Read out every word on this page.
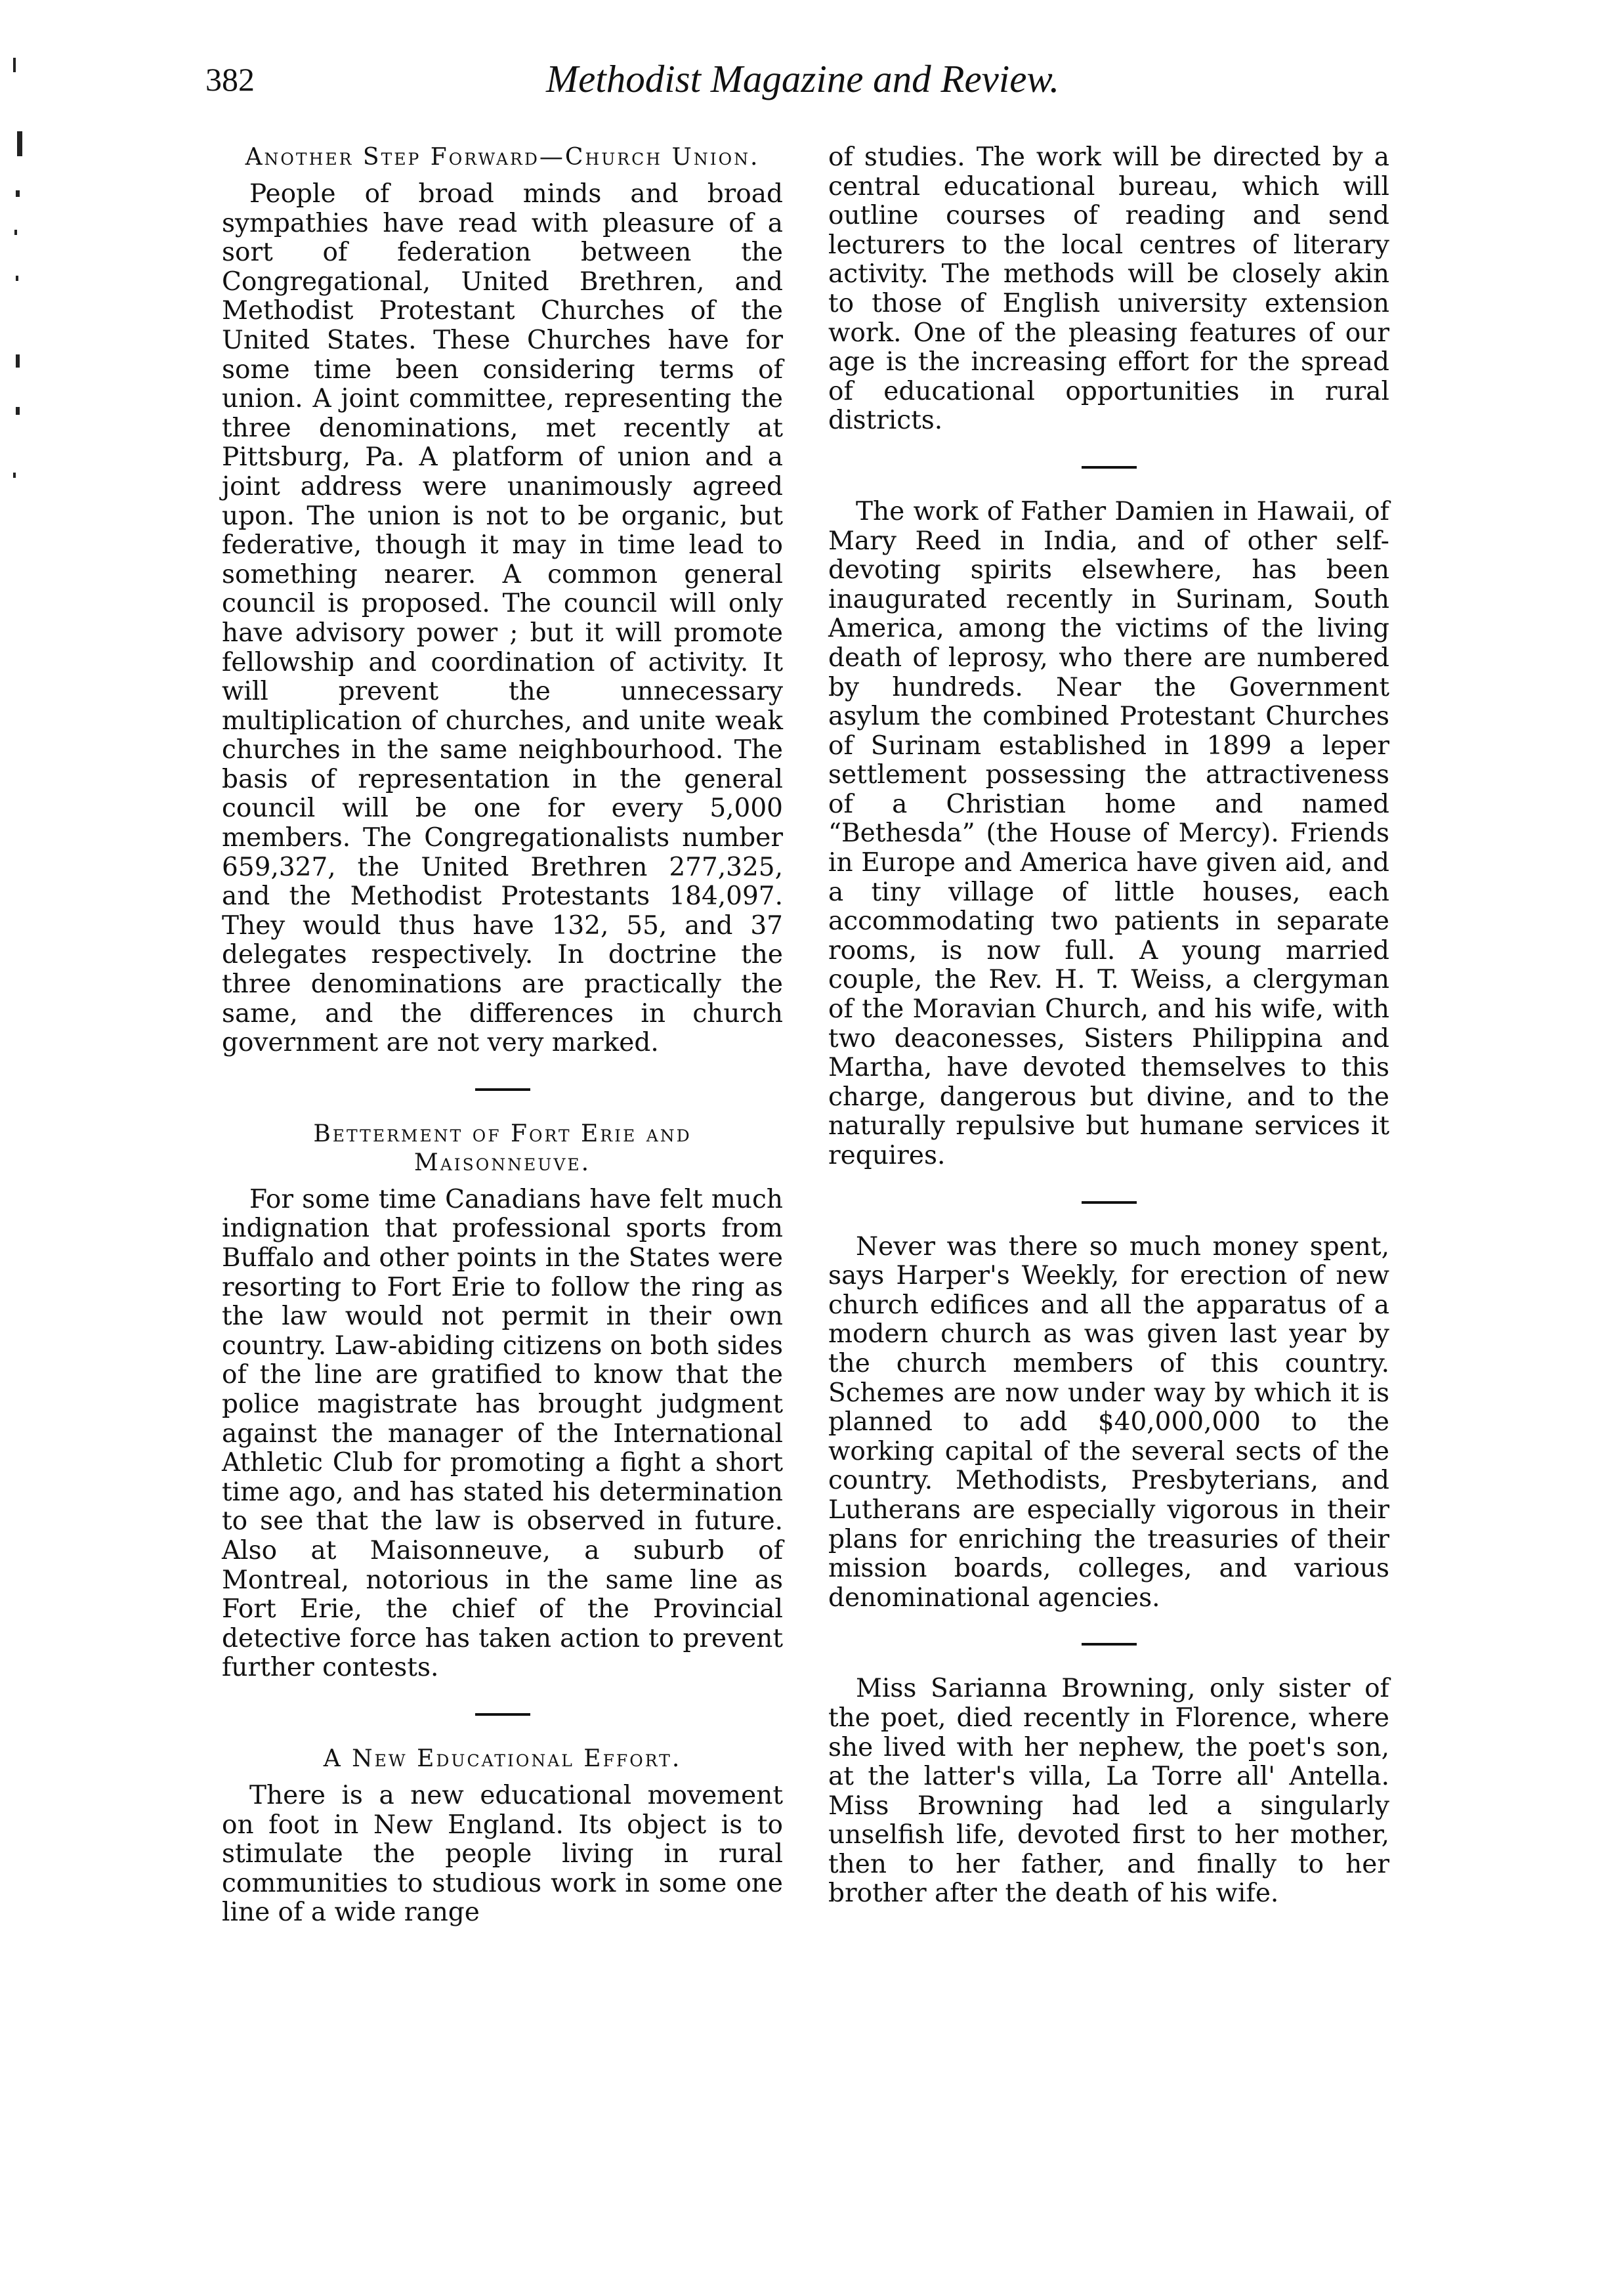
382	Methodist Magazine and Review.
Another Step Forward—Church Union.

People of broad minds and broad sympathies have read with pleasure of a sort of federation between the Congregational, United Brethren, and Methodist Protestant Churches of the United States. These Churches have for some time been considering terms of union. A joint committee, representing the three denominations, met recently at Pittsburg, Pa. A platform of union and a joint address were unanimously agreed upon. The union is not to be organic, but federative, though it may in time lead to something nearer. A common general council is proposed. The council will only have advisory power ; but it will promote fellowship and coordination of activity. It will prevent the unnecessary multiplication of churches, and unite weak churches in the same neighbourhood. The basis of representation in the general council will be one for every 5,000 members. The Congregationalists number 659,327, the United Brethren 277,325, and the Methodist Protestants 184,097. They would thus have 132, 55, and 37 delegates respectively. In doctrine the three denominations are practically the same, and the differences in church government are not very marked.

Betterment of Fort Erie and Maisonneuve.

For some time Canadians have felt much indignation that professional sports from Buffalo and other points in the States were resorting to Fort Erie to follow the ring as the law would not permit in their own country. Law-abiding citizens on both sides of the line are gratified to know that the police magistrate has brought judgment against the manager of the International Athletic Club for promoting a fight a short time ago, and has stated his determination to see that the law is observed in future. Also at Maisonneuve, a suburb of Montreal, notorious in the same line as Fort Erie, the chief of the Provincial detective force has taken action to prevent further contests.

A New Educational Effort.

There is a new educational movement on foot in New England. Its object is to stimulate the people living in rural communities to studious work in some one line of a wide range

of studies. The work will be directed by a central educational bureau, which will outline courses of reading and send lecturers to the local centres of literary activity. The methods will be closely akin to those of English university extension work. One of the pleasing features of our age is the increasing effort for the spread of educational opportunities in rural districts.

The work of Father Damien in Hawaii, of Mary Reed in India, and of other self-devoting spirits elsewhere, has been inaugurated recently in Surinam, South America, among the victims of the living death of leprosy, who there are numbered by hundreds. Near the Government asylum the combined Protestant Churches of Surinam established in 1899 a leper settlement possessing the attractiveness of a Christian home and named “Bethesda” (the House of Mercy). Friends in Europe and America have given aid, and a tiny village of little houses, each accommodating two patients in separate rooms, is now full. A young married couple, the Rev. H. T. Weiss, a clergyman of the Moravian Church, and his wife, with two deaconesses, Sisters Philippina and Martha, have devoted themselves to this charge, dangerous but divine, and to the naturally repulsive but humane services it requires.

Never was there so much money spent, says Harper's Weekly, for erection of new church edifices and all the apparatus of a modern church as was given last year by the church members of this country. Schemes are now under way by which it is planned to add $40,000,000 to the working capital of the several sects of the country. Methodists, Presbyterians, and Lutherans are especially vigorous in their plans for enriching the treasuries of their mission boards, colleges, and various denominational agencies.

Miss Sarianna Browning, only sister of the poet, died recently in Florence, where she lived with her nephew, the poet's son, at the latter's villa, La Torre all' Antella. Miss Browning had led a singularly unselfish life, devoted first to her mother, then to her father, and finally to her brother after the death of his wife.
